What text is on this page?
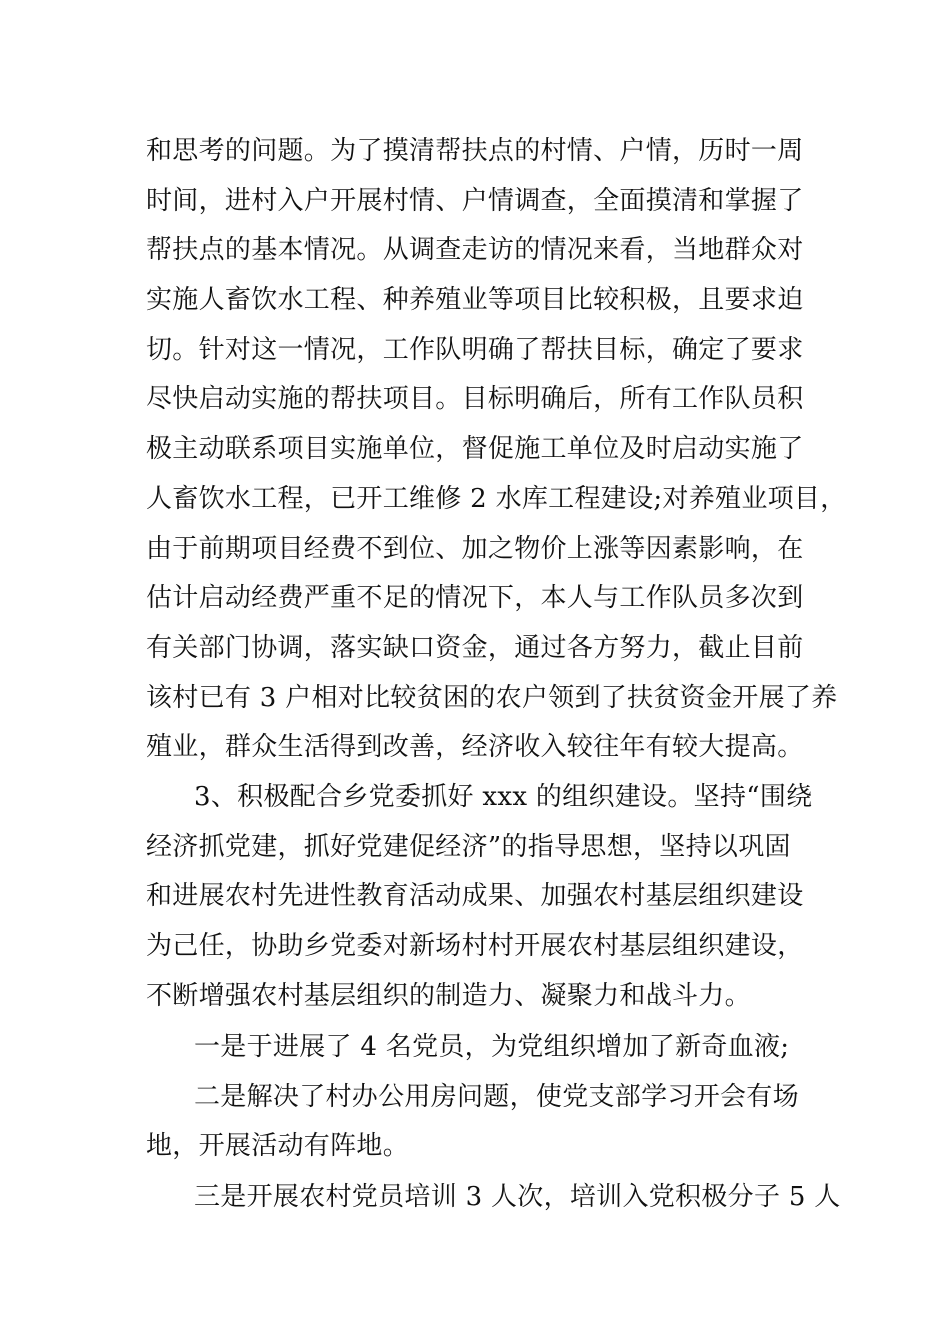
和思考的问题。为了摸清帮扶点的村情、户情，历时一周
时间，进村入户开展村情、户情调查，全面摸清和掌握了
帮扶点的基本情况。从调查走访的情况来看，当地群众对
实施人畜饮水工程、种养殖业等项目比较积极，且要求迫
切。针对这一情况，工作队明确了帮扶目标，确定了要求
尽快启动实施的帮扶项目。目标明确后，所有工作队员积
极主动联系项目实施单位，督促施工单位及时启动实施了
人畜饮水工程，已开工维修 2 水库工程建设;对养殖业项目，
由于前期项目经费不到位、加之物价上涨等因素影响，在
估计启动经费严重不足的情况下，本人与工作队员多次到
有关部门协调，落实缺口资金，通过各方努力，截止目前
该村已有 3 户相对比较贫困的农户领到了扶贫资金开展了养
殖业，群众生活得到改善，经济收入较往年有较大提高。
3、积极配合乡党委抓好 xxx 的组织建设。坚持“围绕
经济抓党建，抓好党建促经济”的指导思想，坚持以巩固
和进展农村先进性教育活动成果、加强农村基层组织建设
为己任，协助乡党委对新场村村开展农村基层组织建设，
不断增强农村基层组织的制造力、凝聚力和战斗力。
一是于进展了 4 名党员，为党组织增加了新奇血液;
二是解决了村办公用房问题，使党支部学习开会有场
地，开展活动有阵地。
三是开展农村党员培训 3 人次，培训入党积极分子 5 人
